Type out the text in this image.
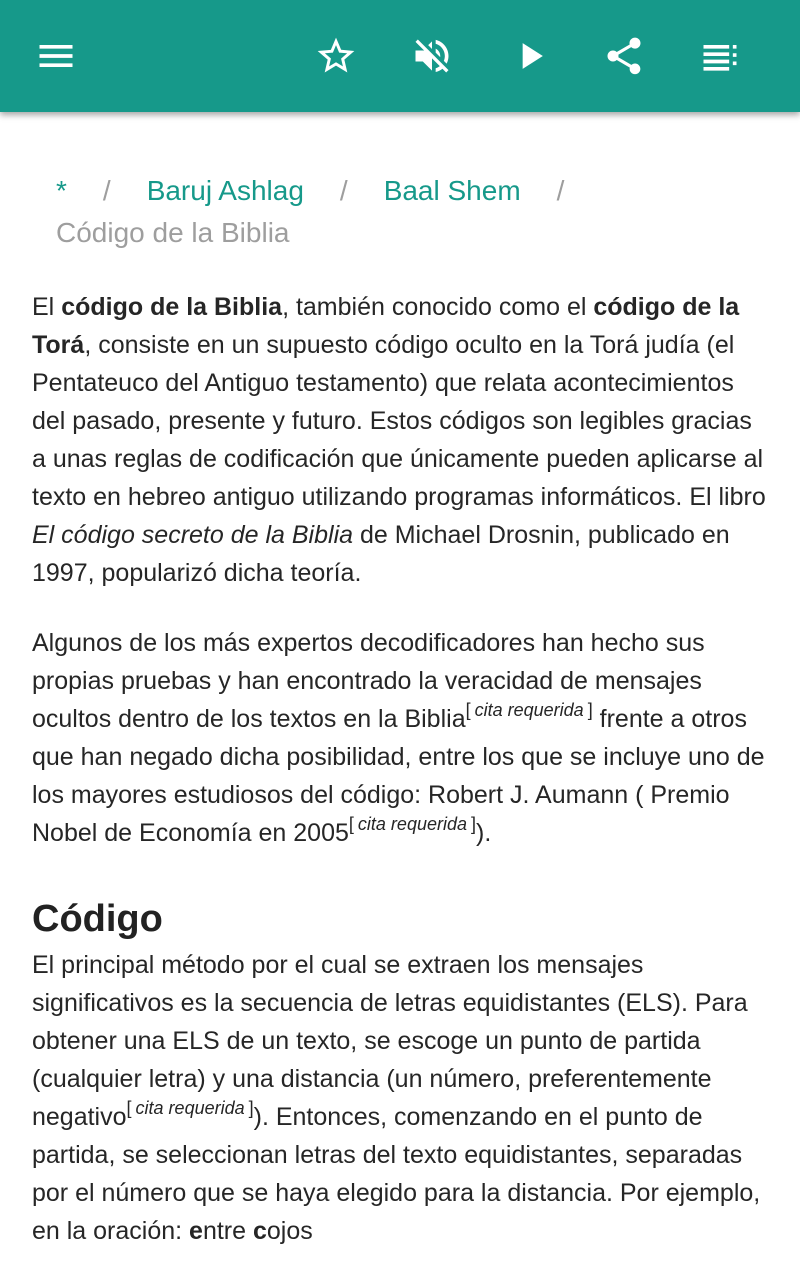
* / Baruj Ashlag / Baal Shem /
Código de la Biblia

El código de la Biblia, también conocido como el código de la Torá, consiste en un supuesto código oculto en la Torá judía (el Pentateuco del Antiguo testamento) que relata acontecimientos del pasado, presente y futuro. Estos códigos son legibles gracias a unas reglas de codificación que únicamente pueden aplicarse al texto en hebreo antiguo utilizando programas informáticos. El libro El código secreto de la Biblia de Michael Drosnin, publicado en 1997, popularizó dicha teoría.

Algunos de los más expertos decodificadores han hecho sus propias pruebas y han encontrado la veracidad de mensajes ocultos dentro de los textos en la Biblia[ cita requerida ] frente a otros que han negado dicha posibilidad, entre los que se incluye uno de los mayores estudiosos del código: Robert J. Aumann ( Premio Nobel de Economía en 2005[ cita requerida ]).

Código

El principal método por el cual se extraen los mensajes significativos es la secuencia de letras equidistantes (ELS). Para obtener una ELS de un texto, se escoge un punto de partida (cualquier letra) y una distancia (un número, preferentemente negativo[ cita requerida ]). Entonces, comenzando en el punto de partida, se seleccionan letras del texto equidistantes, separadas por el número que se haya elegido para la distancia. Por ejemplo, en la oración: entre cojos
